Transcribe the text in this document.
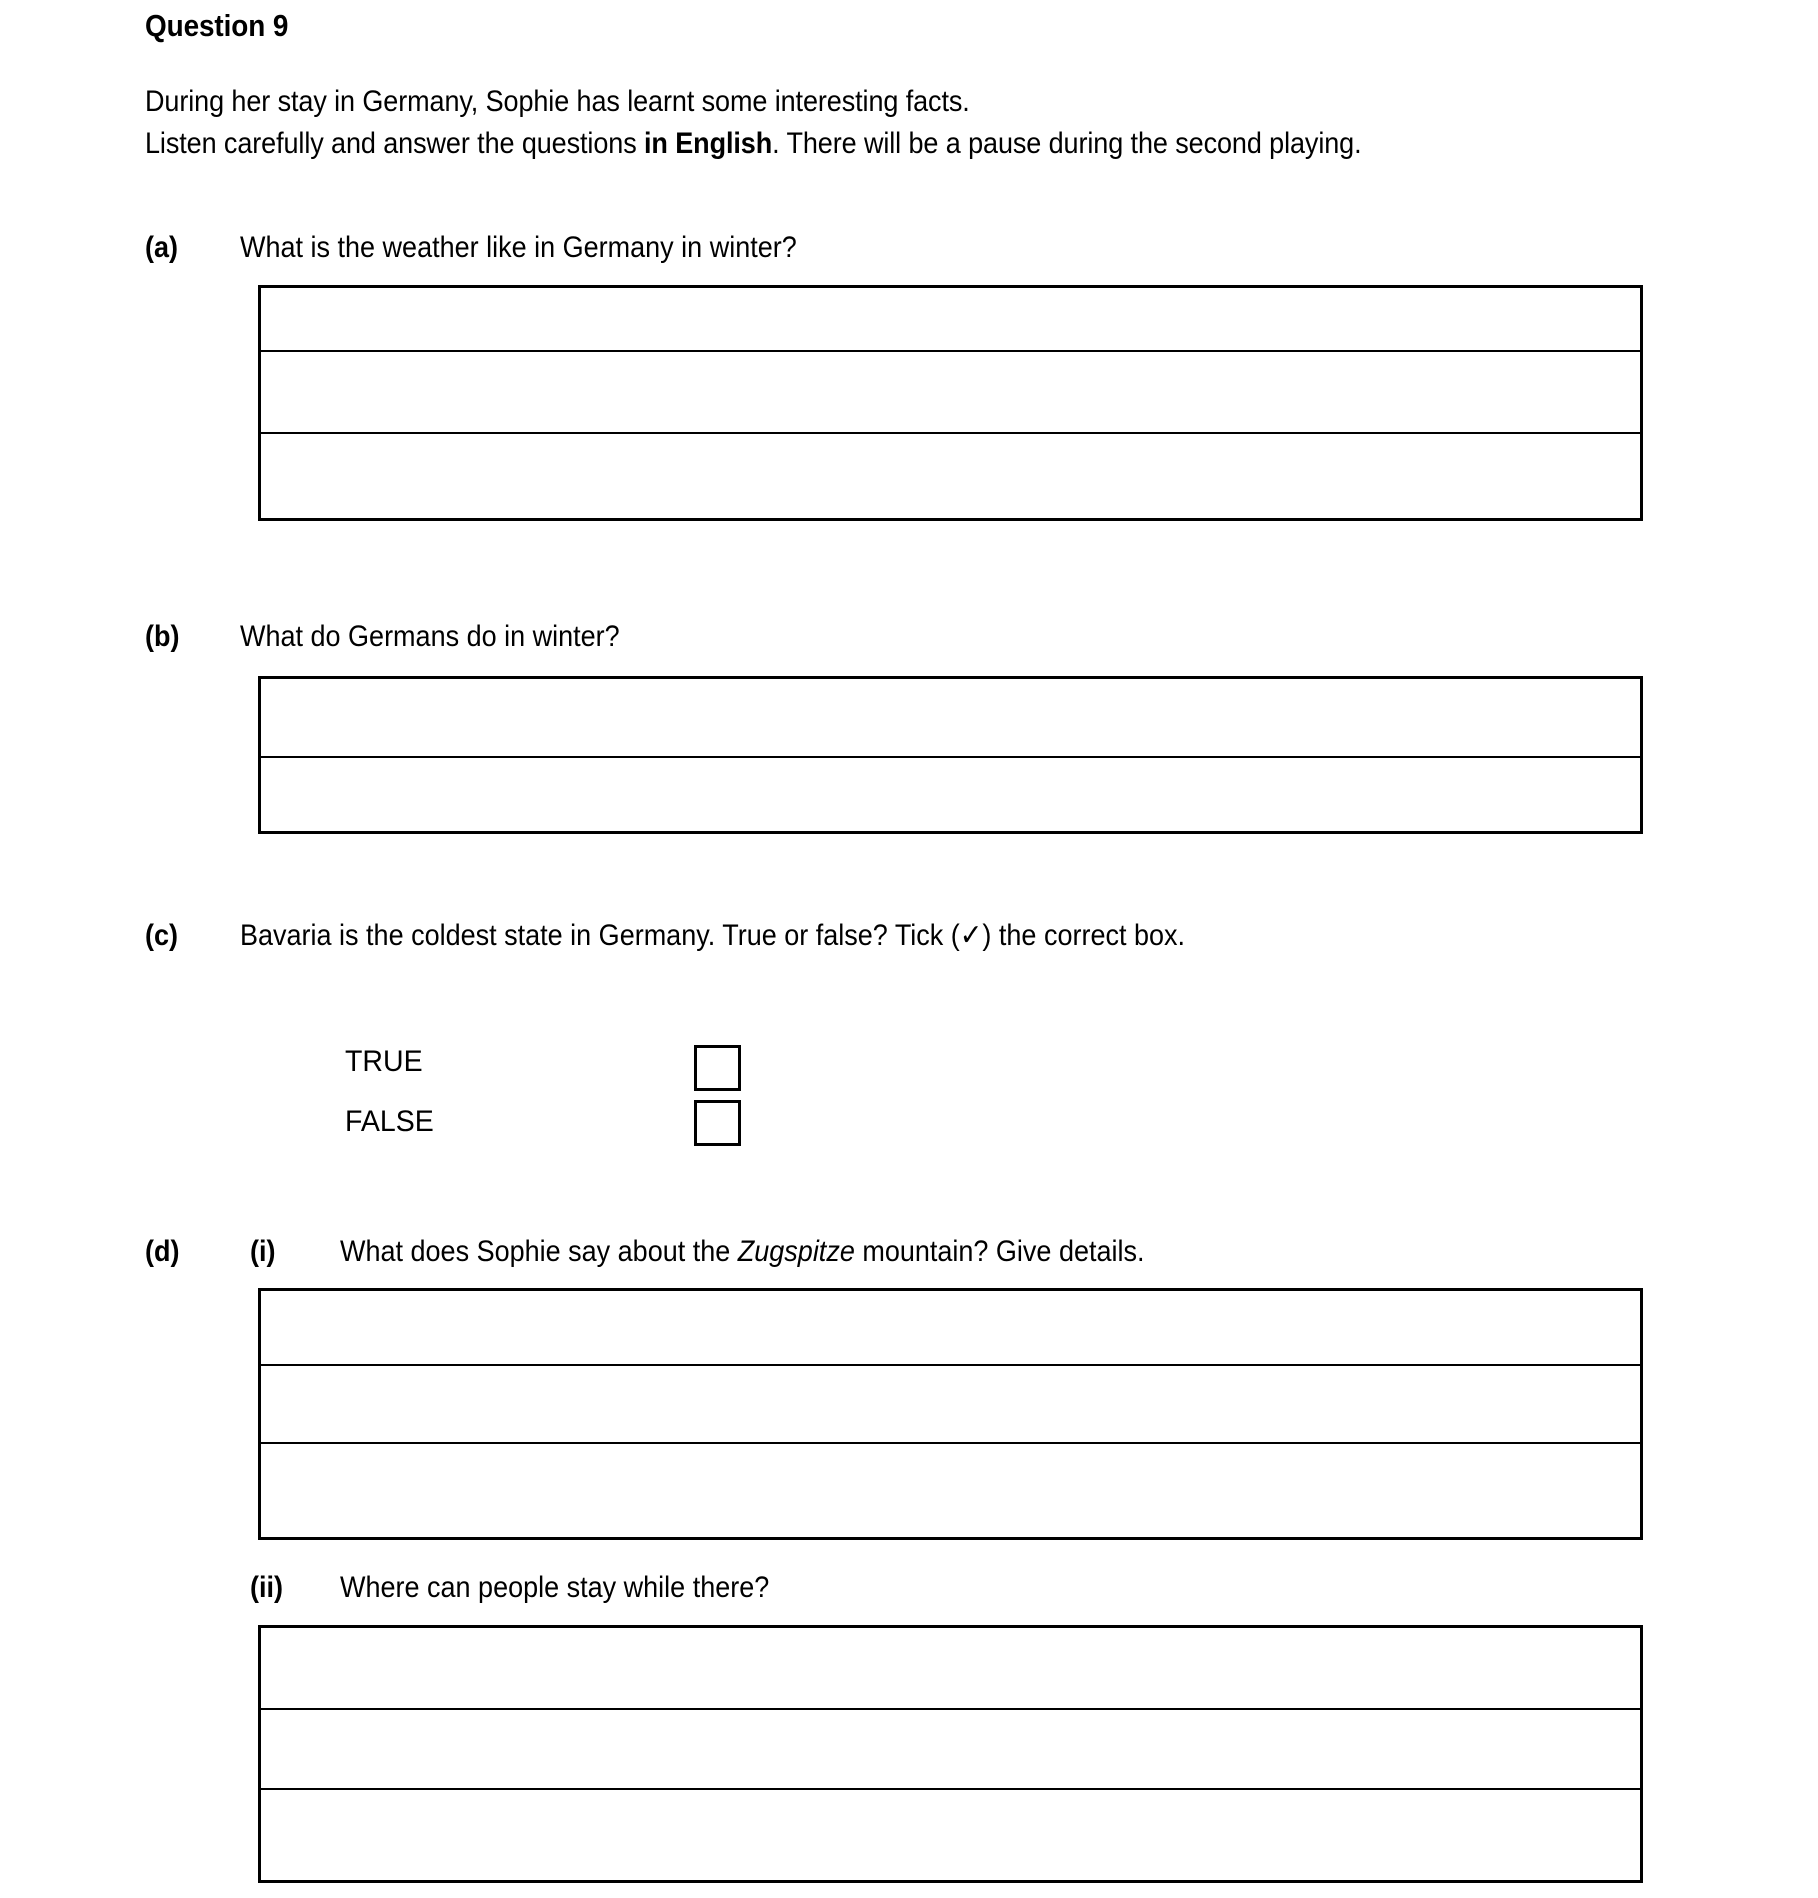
Question 9
During her stay in Germany, Sophie has learnt some interesting facts.
Listen carefully and answer the questions in English. There will be a pause during the second playing.
(a) What is the weather like in Germany in winter?
(b) What do Germans do in winter?
(c) Bavaria is the coldest state in Germany. True or false? Tick (✓) the correct box.
TRUE
FALSE
(d) (i) What does Sophie say about the Zugspitze mountain? Give details.
(ii) Where can people stay while there?
